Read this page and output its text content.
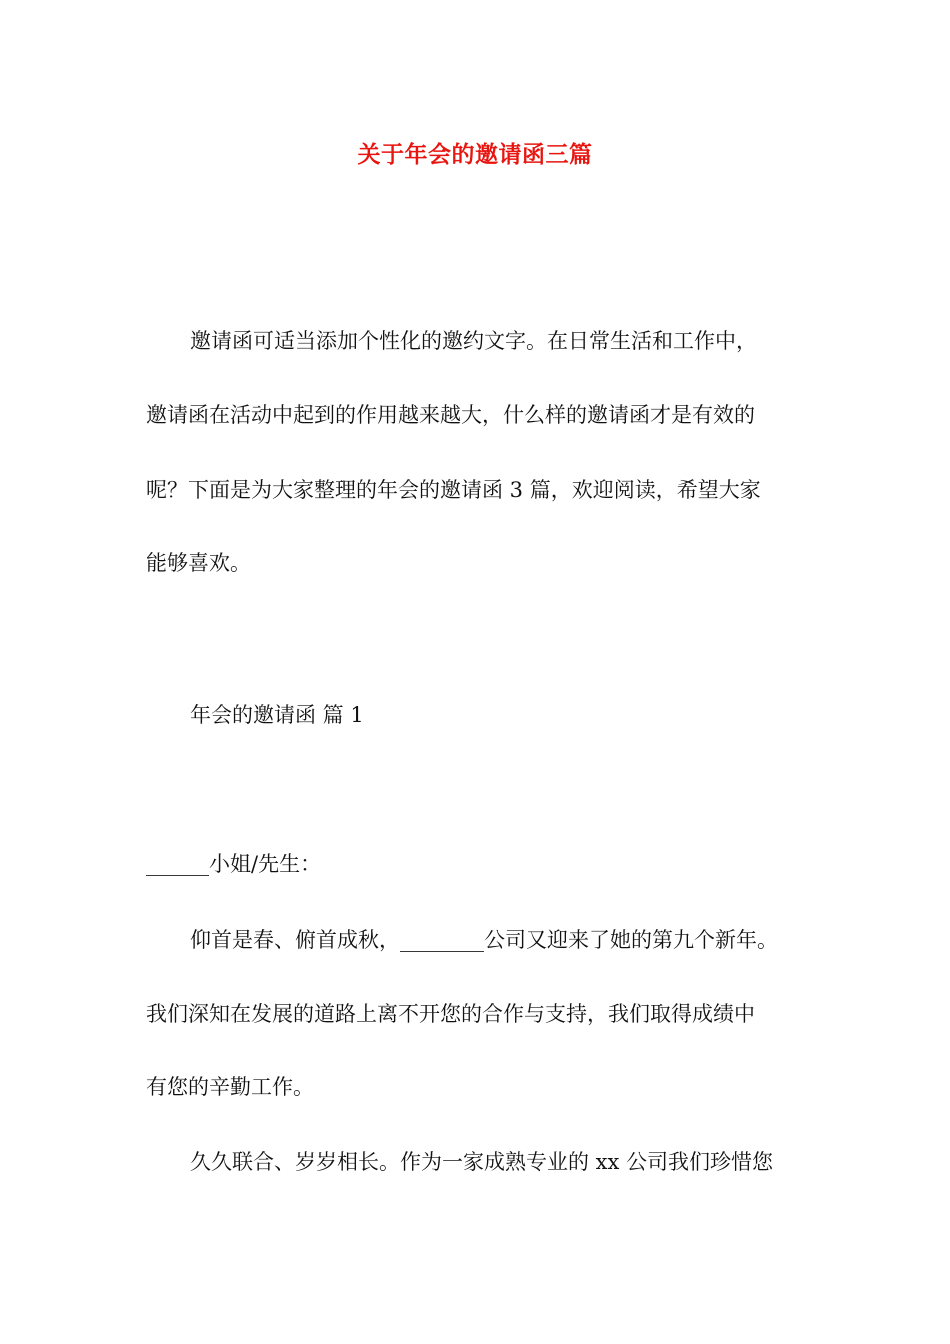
关于年会的邀请函三篇
邀请函可适当添加个性化的邀约文字。在日常生活和工作中，
邀请函在活动中起到的作用越来越大，什么样的邀请函才是有效的
呢？下面是为大家整理的年会的邀请函 3 篇，欢迎阅读，希望大家
能够喜欢。
年会的邀请函 篇 1
______小姐/先生：
仰首是春、俯首成秋，________公司又迎来了她的第九个新年。
我们深知在发展的道路上离不开您的合作与支持，我们取得成绩中
有您的辛勤工作。
久久联合、岁岁相长。作为一家成熟专业的 xx 公司我们珍惜您
